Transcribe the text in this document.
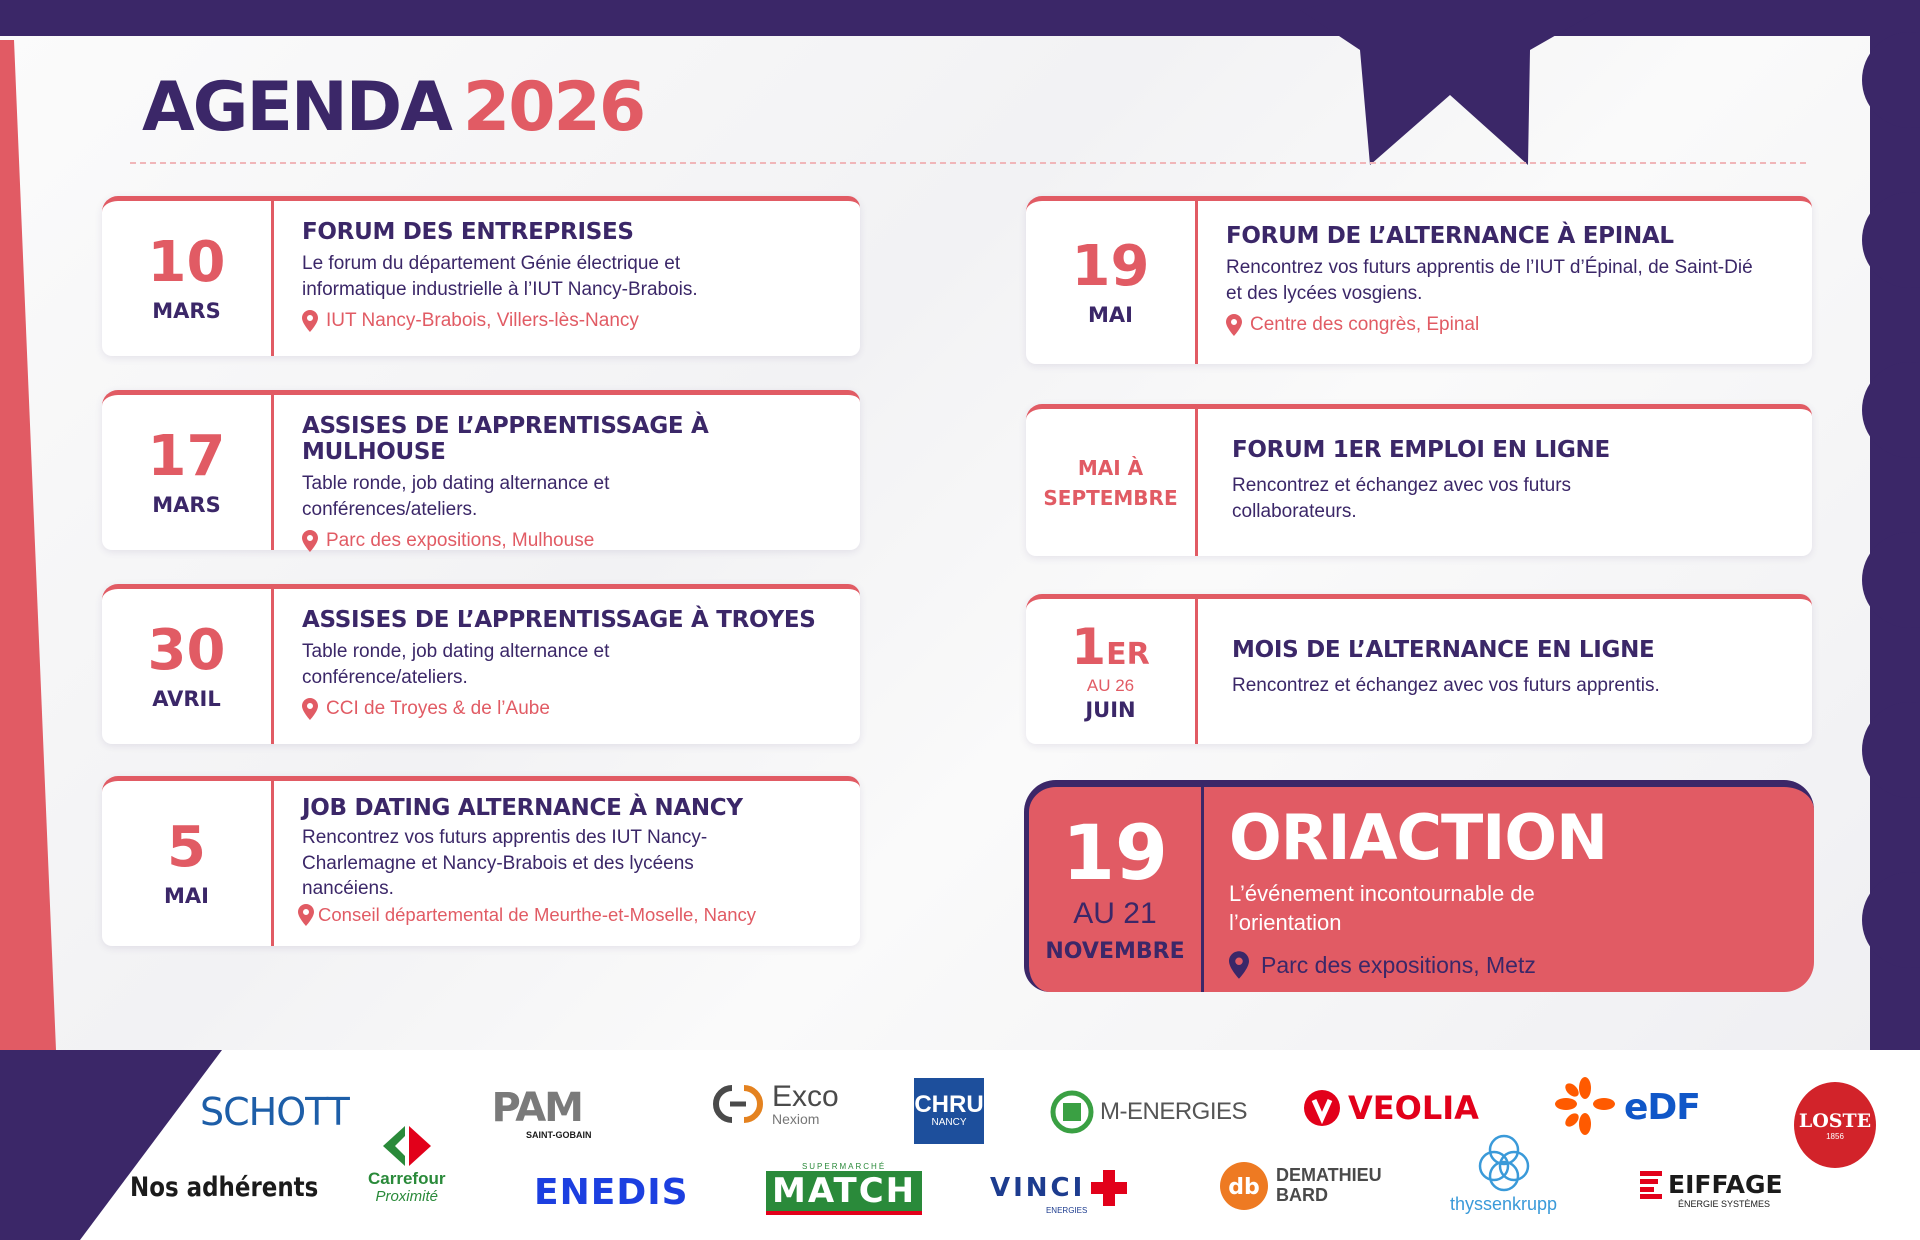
AGENDA 2026
10
MARS
FORUM DES ENTREPRISES
Le forum du département Génie électrique et informatique industrielle à l’IUT Nancy-Brabois.
IUT Nancy-Brabois, Villers-lès-Nancy
17
MARS
ASSISES DE L’APPRENTISSAGE À MULHOUSE
Table ronde, job dating alternance et conférences/ateliers.
Parc des expositions, Mulhouse
30
AVRIL
ASSISES DE L’APPRENTISSAGE À TROYES
Table ronde, job dating alternance et conférence/ateliers.
CCI de Troyes & de l’Aube
5
MAI
JOB DATING ALTERNANCE À NANCY
Rencontrez vos futurs apprentis des IUT Nancy-Charlemagne et Nancy-Brabois et des lycéens nancéiens.
Conseil départemental de Meurthe-et-Moselle, Nancy
19
MAI
FORUM DE L’ALTERNANCE À EPINAL
Rencontrez vos futurs apprentis de l’IUT d’Épinal, de Saint-Dié et des lycées vosgiens.
Centre des congrès, Epinal
MAI À SEPTEMBRE
FORUM 1ER EMPLOI EN LIGNE
Rencontrez et échangez avec vos futurs collaborateurs.
1ER
AU 26
JUIN
MOIS DE L’ALTERNANCE EN LIGNE
Rencontrez et échangez avec vos futurs apprentis.
19
AU 21
NOVEMBRE
ORIACTION
L’événement incontournable de l’orientation
Parc des expositions, Metz
Nos adhérents
SCHOTT	PAM
SAINT-GOBAIN
Exco
Nexiom
CHRU
NANCY	M-ENERGIES	VEOLIA	eDF	LOSTE
1856
Carrefour
Proximité	ENEDIS
SUPERMARCHÉ
MATCH	VINCI
ENERGIES
db DEMATHIEU
BARD	thyssenkrupp
EIFFAGE
ÉNERGIE SYSTÈMES
